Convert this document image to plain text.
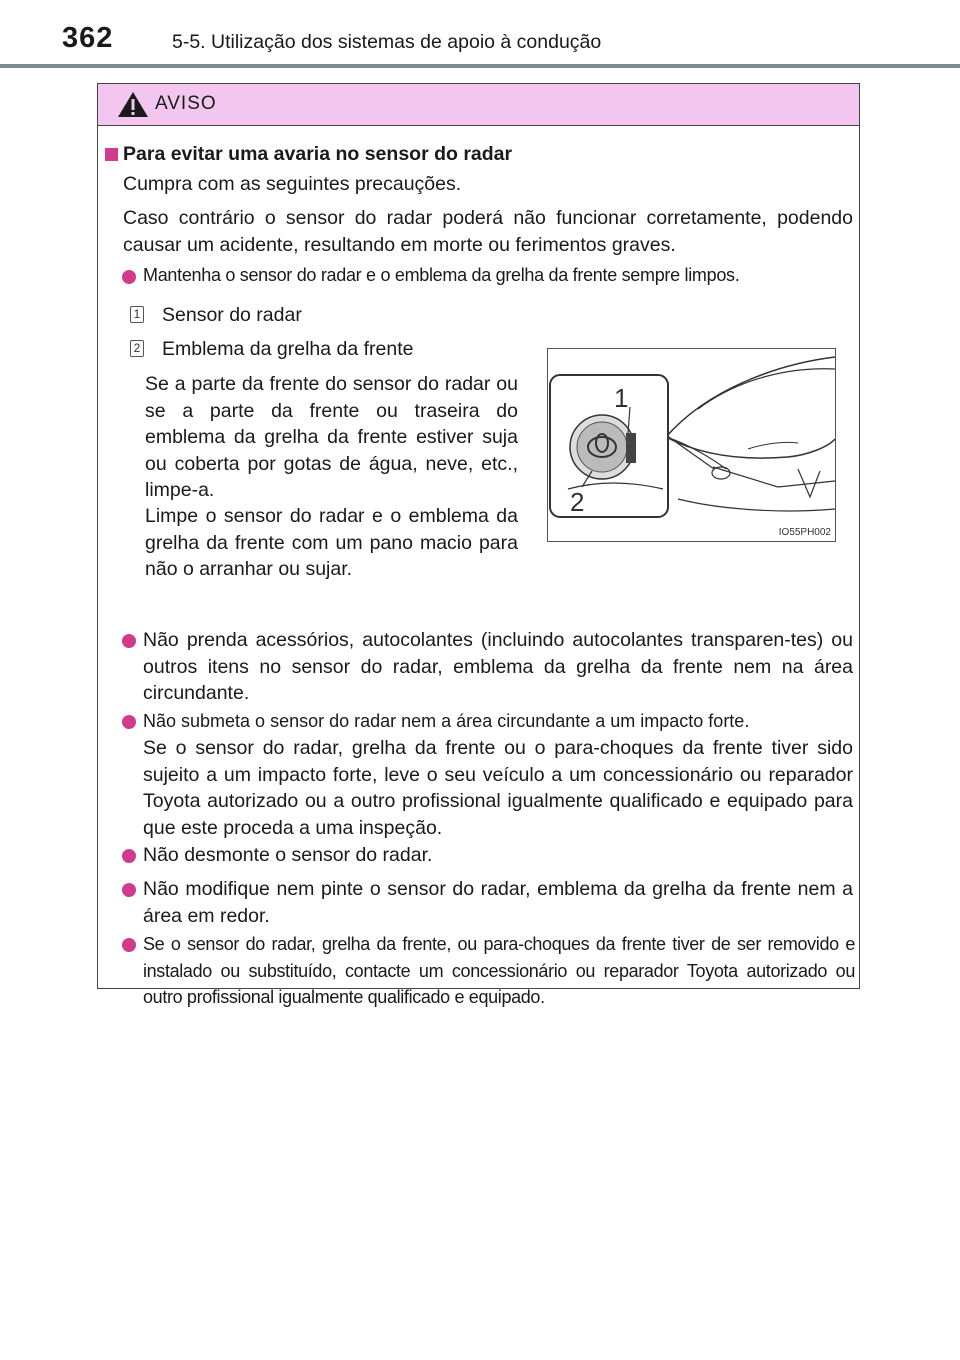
362	5-5. Utilização dos sistemas de apoio à condução
AVISO
Para evitar uma avaria no sensor do radar
Cumpra com as seguintes precauções.
Caso contrário o sensor do radar poderá não funcionar corretamente, podendo causar um acidente, resultando em morte ou ferimentos graves.
Mantenha o sensor do radar e o emblema da grelha da frente sempre limpos.
1 Sensor do radar
2 Emblema da grelha da frente
Se a parte da frente do sensor do radar ou se a parte da frente ou traseira do emblema da grelha da frente estiver suja ou coberta por gotas de água, neve, etc., limpe-a.
Limpe o sensor do radar e o emblema da grelha da frente com um pano macio para não o arranhar ou sujar.
1
2
IO55PH002
Não prenda acessórios, autocolantes (incluindo autocolantes transparen-tes) ou outros itens no sensor do radar, emblema da grelha da frente nem na área circundante.
Não submeta o sensor do radar nem a área circundante a um impacto forte.
Se o sensor do radar, grelha da frente ou o para-choques da frente tiver sido sujeito a um impacto forte, leve o seu veículo a um concessionário ou reparador Toyota autorizado ou a outro profissional igualmente qualificado e equipado para que este proceda a uma inspeção.
Não desmonte o sensor do radar.
Não modifique nem pinte o sensor do radar, emblema da grelha da frente nem a área em redor.
Se o sensor do radar, grelha da frente, ou para-choques da frente tiver de ser removido e instalado ou substituído, contacte um concessionário ou reparador Toyota autorizado ou outro profissional igualmente qualificado e equipado.
